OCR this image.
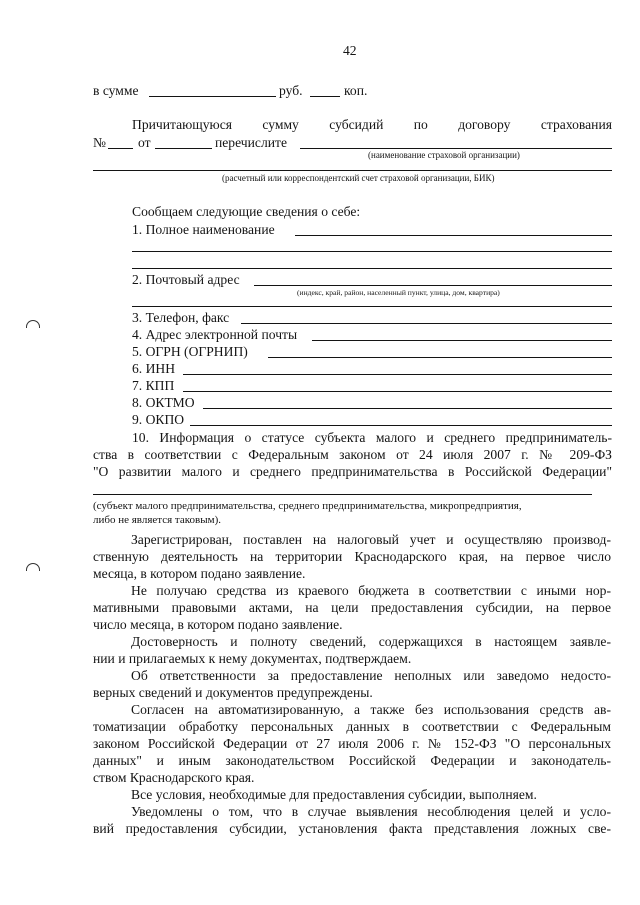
42
в сумме	руб.	коп.
Причитающуюся сумму субсидий по договору страхования
№ от	перечислите
(наименование страховой организации)
(расчетный или корреспондентский счет страховой организации, БИК)
Сообщаем следующие сведения о себе:
1. Полное наименование
2. Почтовый адрес
(индекс, край, район, населенный пункт, улица, дом, квартира)
3. Телефон, факс
4. Адрес электронной почты
5. ОГРН (ОГРНИП)
6. ИНН
7. КПП
8. ОКТМО
9. ОКПО
10. Информация о статусе субъекта малого и среднего предприниматель-
ства в соответствии с Федеральным законом от 24 июля 2007 г. № 209-ФЗ
"О развитии малого и среднего предпринимательства в Российской Федерации"
(субъект малого предпринимательства, среднего предпринимательства, микропредприятия,
либо не является таковым).
Зарегистрирован, поставлен на налоговый учет и осуществляю производ-
ственную деятельность на территории Краснодарского края, на первое число
месяца, в котором подано заявление.
Не получаю средства из краевого бюджета в соответствии с иными нор-
мативными правовыми актами, на цели предоставления субсидии, на первое
число месяца, в котором подано заявление.
Достоверность и полноту сведений, содержащихся в настоящем заявле-
нии и прилагаемых к нему документах, подтверждаем.
Об ответственности за предоставление неполных или заведомо недосто-
верных сведений и документов предупреждены.
Согласен на автоматизированную, а также без использования средств ав-
томатизации обработку персональных данных в соответствии с Федеральным
законом Российской Федерации от 27 июля 2006 г. № 152-ФЗ "О персональных
данных" и иным законодательством Российской Федерации и законодатель-
ством Краснодарского края.
Все условия, необходимые для предоставления субсидии, выполняем.
Уведомлены о том, что в случае выявления несоблюдения целей и усло-
вий предоставления субсидии, установления факта представления ложных све-
